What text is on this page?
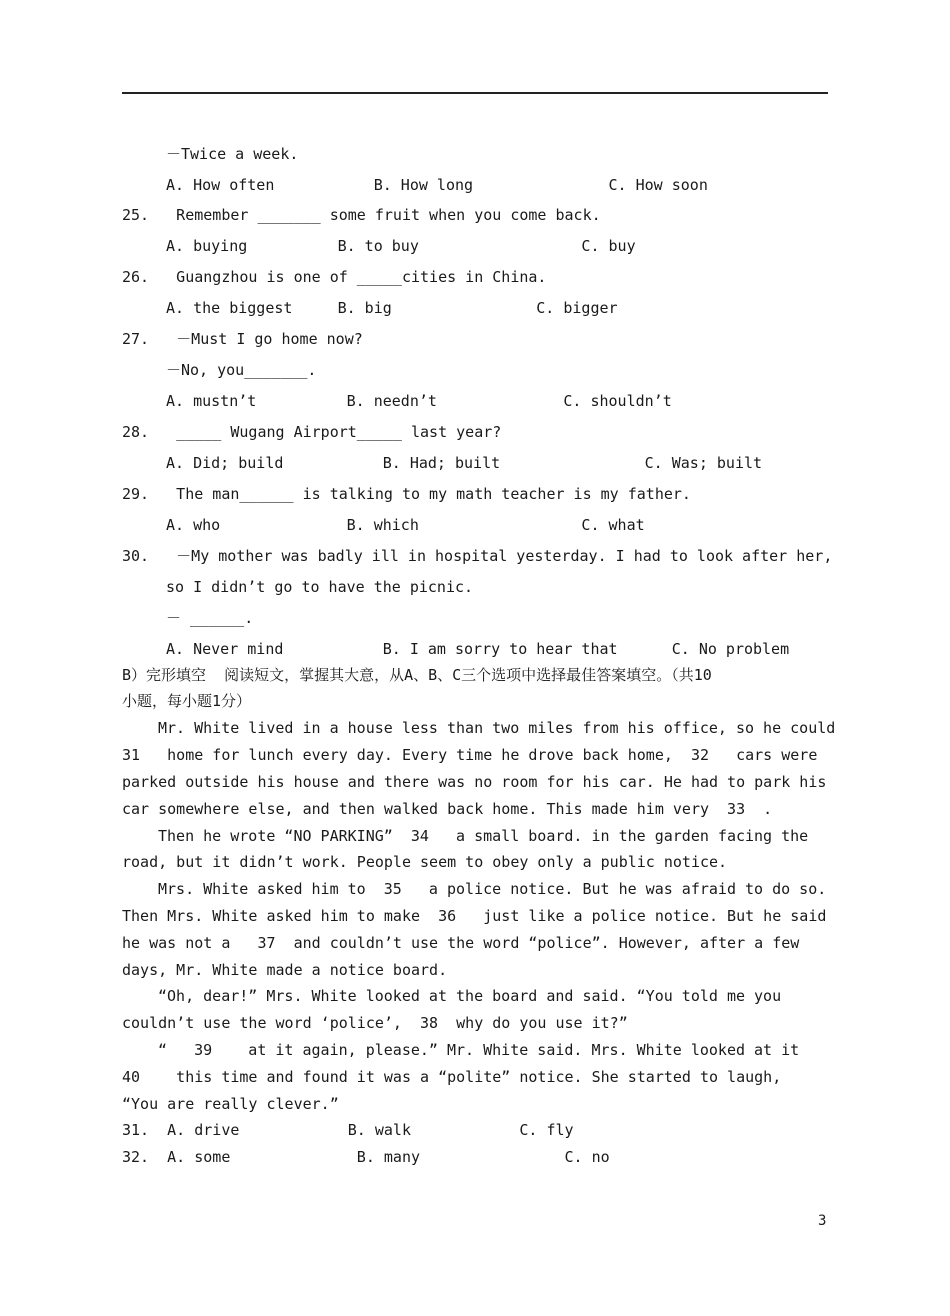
－Twice a week.
A. How often           B. How long               C. How soon
25.   Remember _______ some fruit when you come back.
A. buying          B. to buy                  C. buy
26.   Guangzhou is one of _____cities in China.
A. the biggest     B. big                C. bigger
27.   －Must I go home now?
－No, you_______.
A. mustn’t          B. needn’t              C. shouldn’t
28.   _____ Wugang Airport_____ last year?
A. Did; build           B. Had; built                C. Was; built
29.   The man______ is talking to my math teacher is my father.
A. who              B. which                  C. what
30.   －My mother was badly ill in hospital yesterday. I had to look after her,
so I didn’t go to have the picnic.
－ ______.
A. Never mind           B. I am sorry to hear that      C. No problem
B）完形填空  阅读短文，掌握其大意，从A、B、C三个选项中选择最佳答案填空。（共10
小题，每小题1分）
Mr. White lived in a house less than two miles from his office, so he could
31   home for lunch every day. Every time he drove back home,  32   cars were
parked outside his house and there was no room for his car. He had to park his
car somewhere else, and then walked back home. This made him very  33  .
Then he wrote “NO PARKING”  34   a small board. in the garden facing the
road, but it didn’t work. People seem to obey only a public notice.
Mrs. White asked him to  35   a police notice. But he was afraid to do so.
Then Mrs. White asked him to make  36   just like a police notice. But he said
he was not a   37  and couldn’t use the word “police”. However, after a few
days, Mr. White made a notice board.
“Oh, dear!” Mrs. White looked at the board and said. “You told me you
couldn’t use the word ‘police’,  38  why do you use it?”
“   39    at it again, please.” Mr. White said. Mrs. White looked at it
40    this time and found it was a “polite” notice. She started to laugh,
“You are really clever.”
31.  A. drive            B. walk            C. fly
32.  A. some              B. many                C. no
3
